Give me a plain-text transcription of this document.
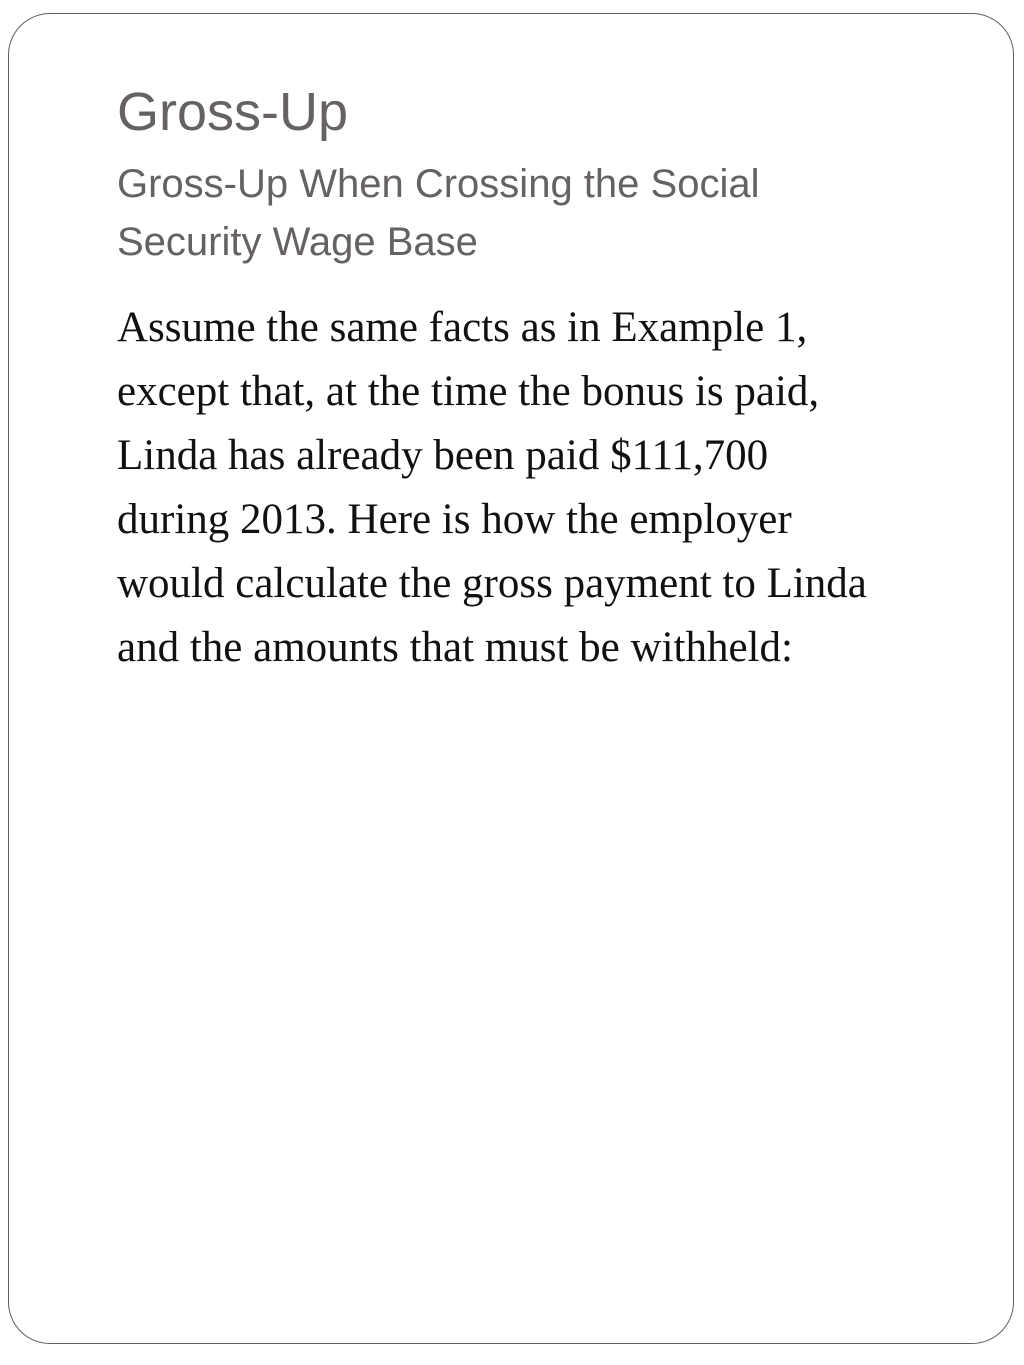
Gross-Up
Gross-Up When Crossing the Social
Security Wage Base

Assume the same facts as in Example 1,
except that, at the time the bonus is paid,
Linda has already been paid $111,700
during 2013. Here is how the employer
would calculate the gross payment to Linda
and the amounts that must be withheld:
